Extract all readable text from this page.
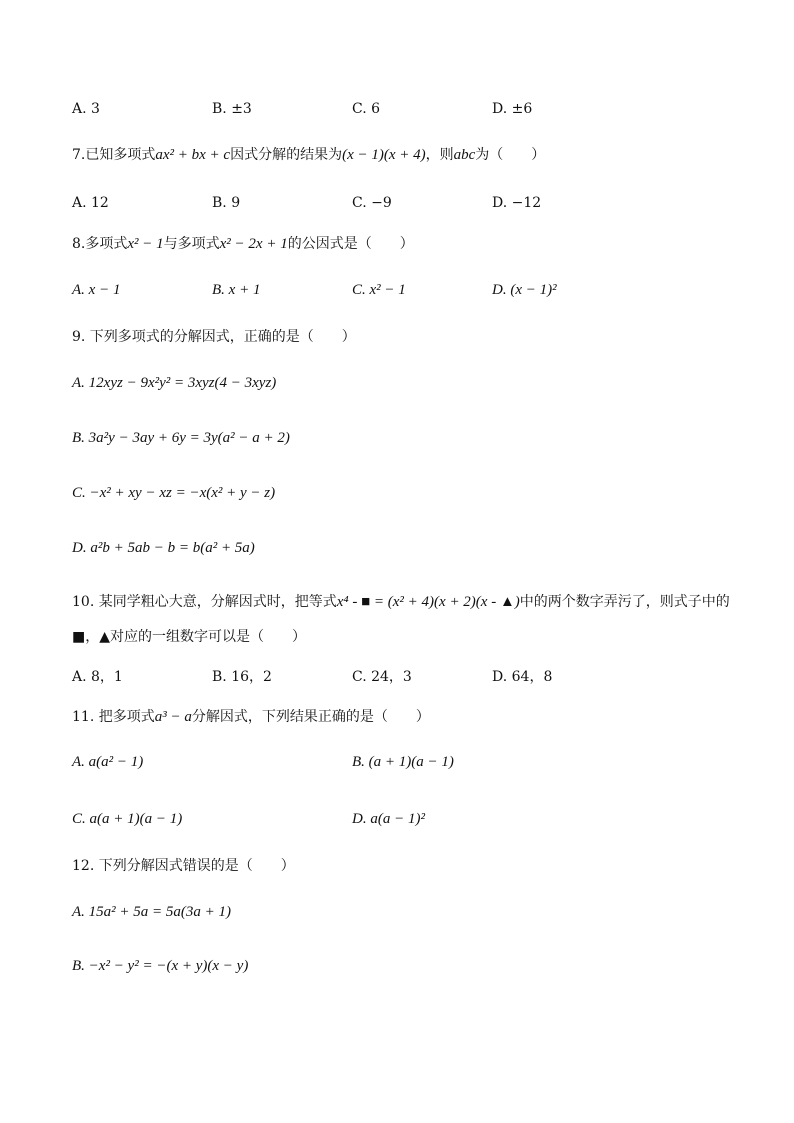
A. 3	B. ±3	C. 6	D. ±6
7.已知多项式ax² + bx + c因式分解的结果为(x − 1)(x + 4)，则abc为（　　）
A. 12	B. 9	C. −9	D. −12
8.多项式x² − 1与多项式x² − 2x + 1的公因式是（　　）
A. x − 1	B. x + 1	C. x² − 1	D. (x − 1)²
9. 下列多项式的分解因式，正确的是（　　）
A. 12xyz − 9x²y² = 3xyz(4 − 3xyz)
B. 3a²y − 3ay + 6y = 3y(a² − a + 2)
C. −x² + xy − xz = −x(x² + y − z)
D. a²b + 5ab − b = b(a² + 5a)
10. 某同学粗心大意，分解因式时，把等式x⁴ - ■ = (x² + 4)(x + 2)(x - ▲)中的两个数字弄污了，则式子中的
■，▲对应的一组数字可以是（　　）
A. 8，1	B. 16，2	C. 24，3	D. 64，8
11. 把多项式a³ − a分解因式，下列结果正确的是（　　）
A. a(a² − 1)	B. (a + 1)(a − 1)
C. a(a + 1)(a − 1)	D. a(a − 1)²
12. 下列分解因式错误的是（　　）
A. 15a² + 5a = 5a(3a + 1)
B. −x² − y² = −(x + y)(x − y)
